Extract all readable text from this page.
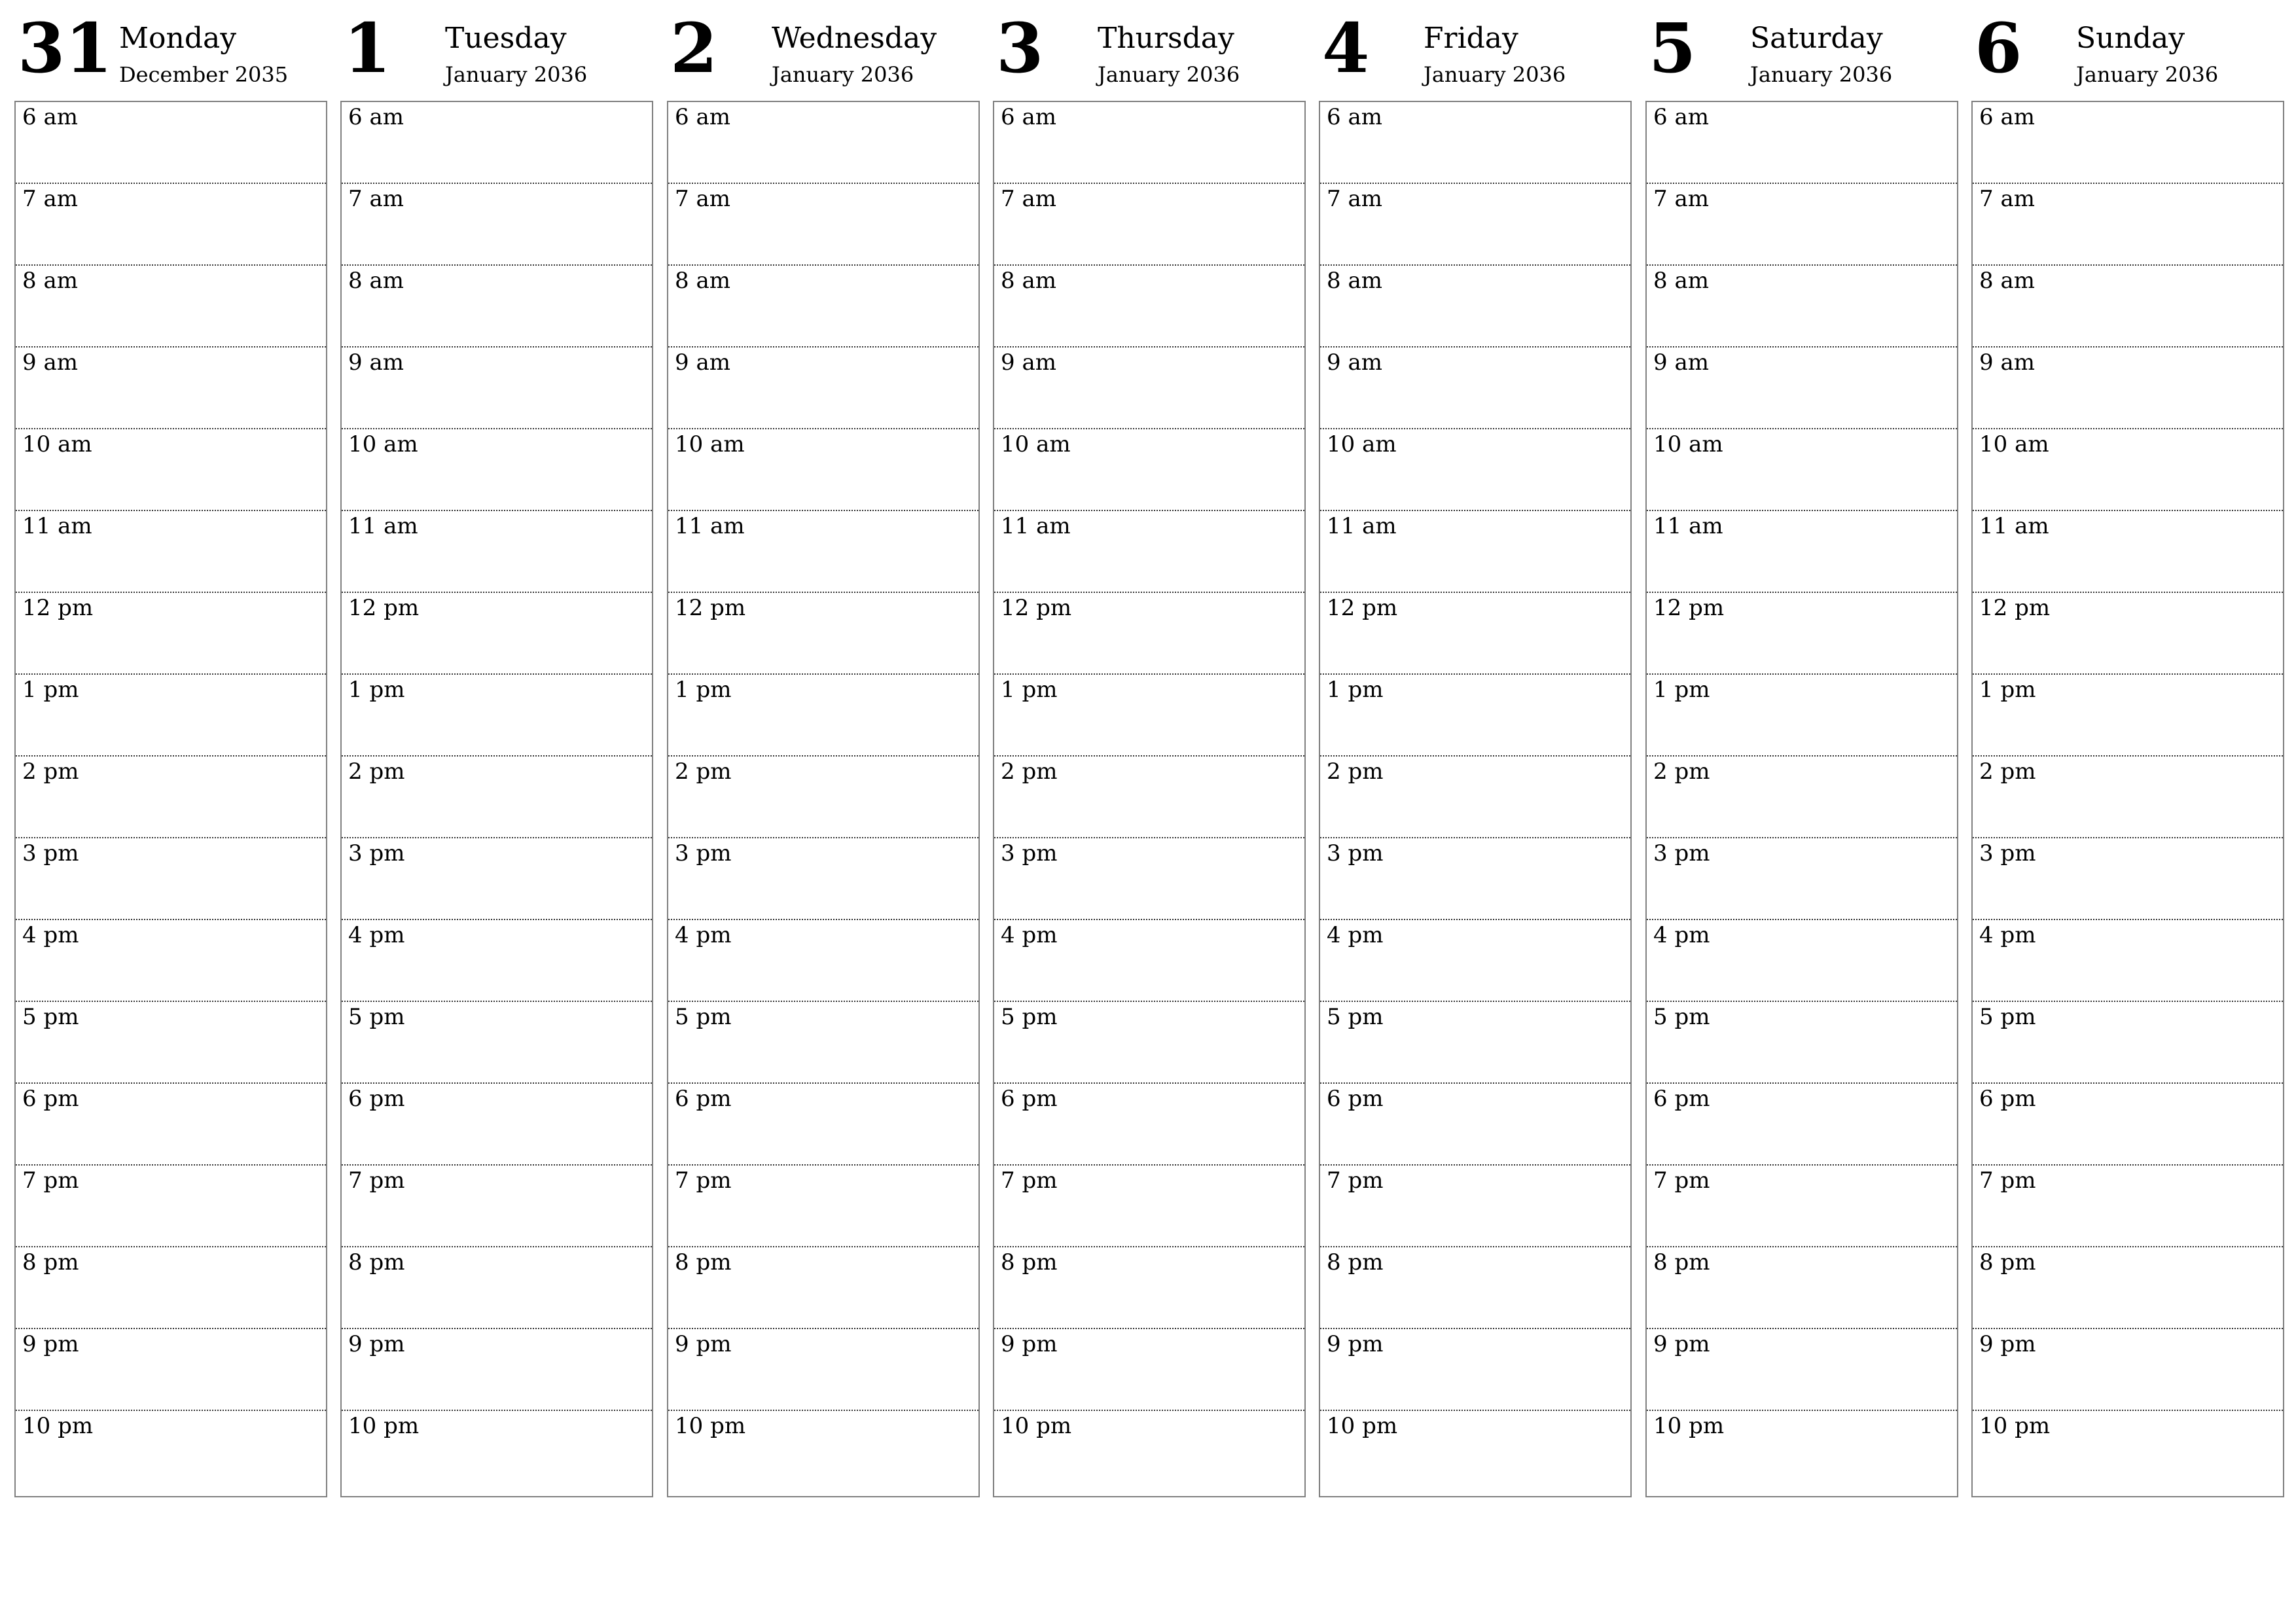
31 Monday
December 2035
6 am
7 am
8 am
9 am
10 am
11 am
12 pm
1 pm
2 pm
3 pm
4 pm
5 pm
6 pm
7 pm
8 pm
9 pm
10 pm
1 Tuesday
January 2036
6 am
7 am
8 am
9 am
10 am
11 am
12 pm
1 pm
2 pm
3 pm
4 pm
5 pm
6 pm
7 pm
8 pm
9 pm
10 pm
2 Wednesday
January 2036
6 am
7 am
8 am
9 am
10 am
11 am
12 pm
1 pm
2 pm
3 pm
4 pm
5 pm
6 pm
7 pm
8 pm
9 pm
10 pm
3 Thursday
January 2036
6 am
7 am
8 am
9 am
10 am
11 am
12 pm
1 pm
2 pm
3 pm
4 pm
5 pm
6 pm
7 pm
8 pm
9 pm
10 pm
4 Friday
January 2036
6 am
7 am
8 am
9 am
10 am
11 am
12 pm
1 pm
2 pm
3 pm
4 pm
5 pm
6 pm
7 pm
8 pm
9 pm
10 pm
5 Saturday
January 2036
6 am
7 am
8 am
9 am
10 am
11 am
12 pm
1 pm
2 pm
3 pm
4 pm
5 pm
6 pm
7 pm
8 pm
9 pm
10 pm
6 Sunday
January 2036
6 am
7 am
8 am
9 am
10 am
11 am
12 pm
1 pm
2 pm
3 pm
4 pm
5 pm
6 pm
7 pm
8 pm
9 pm
10 pm
